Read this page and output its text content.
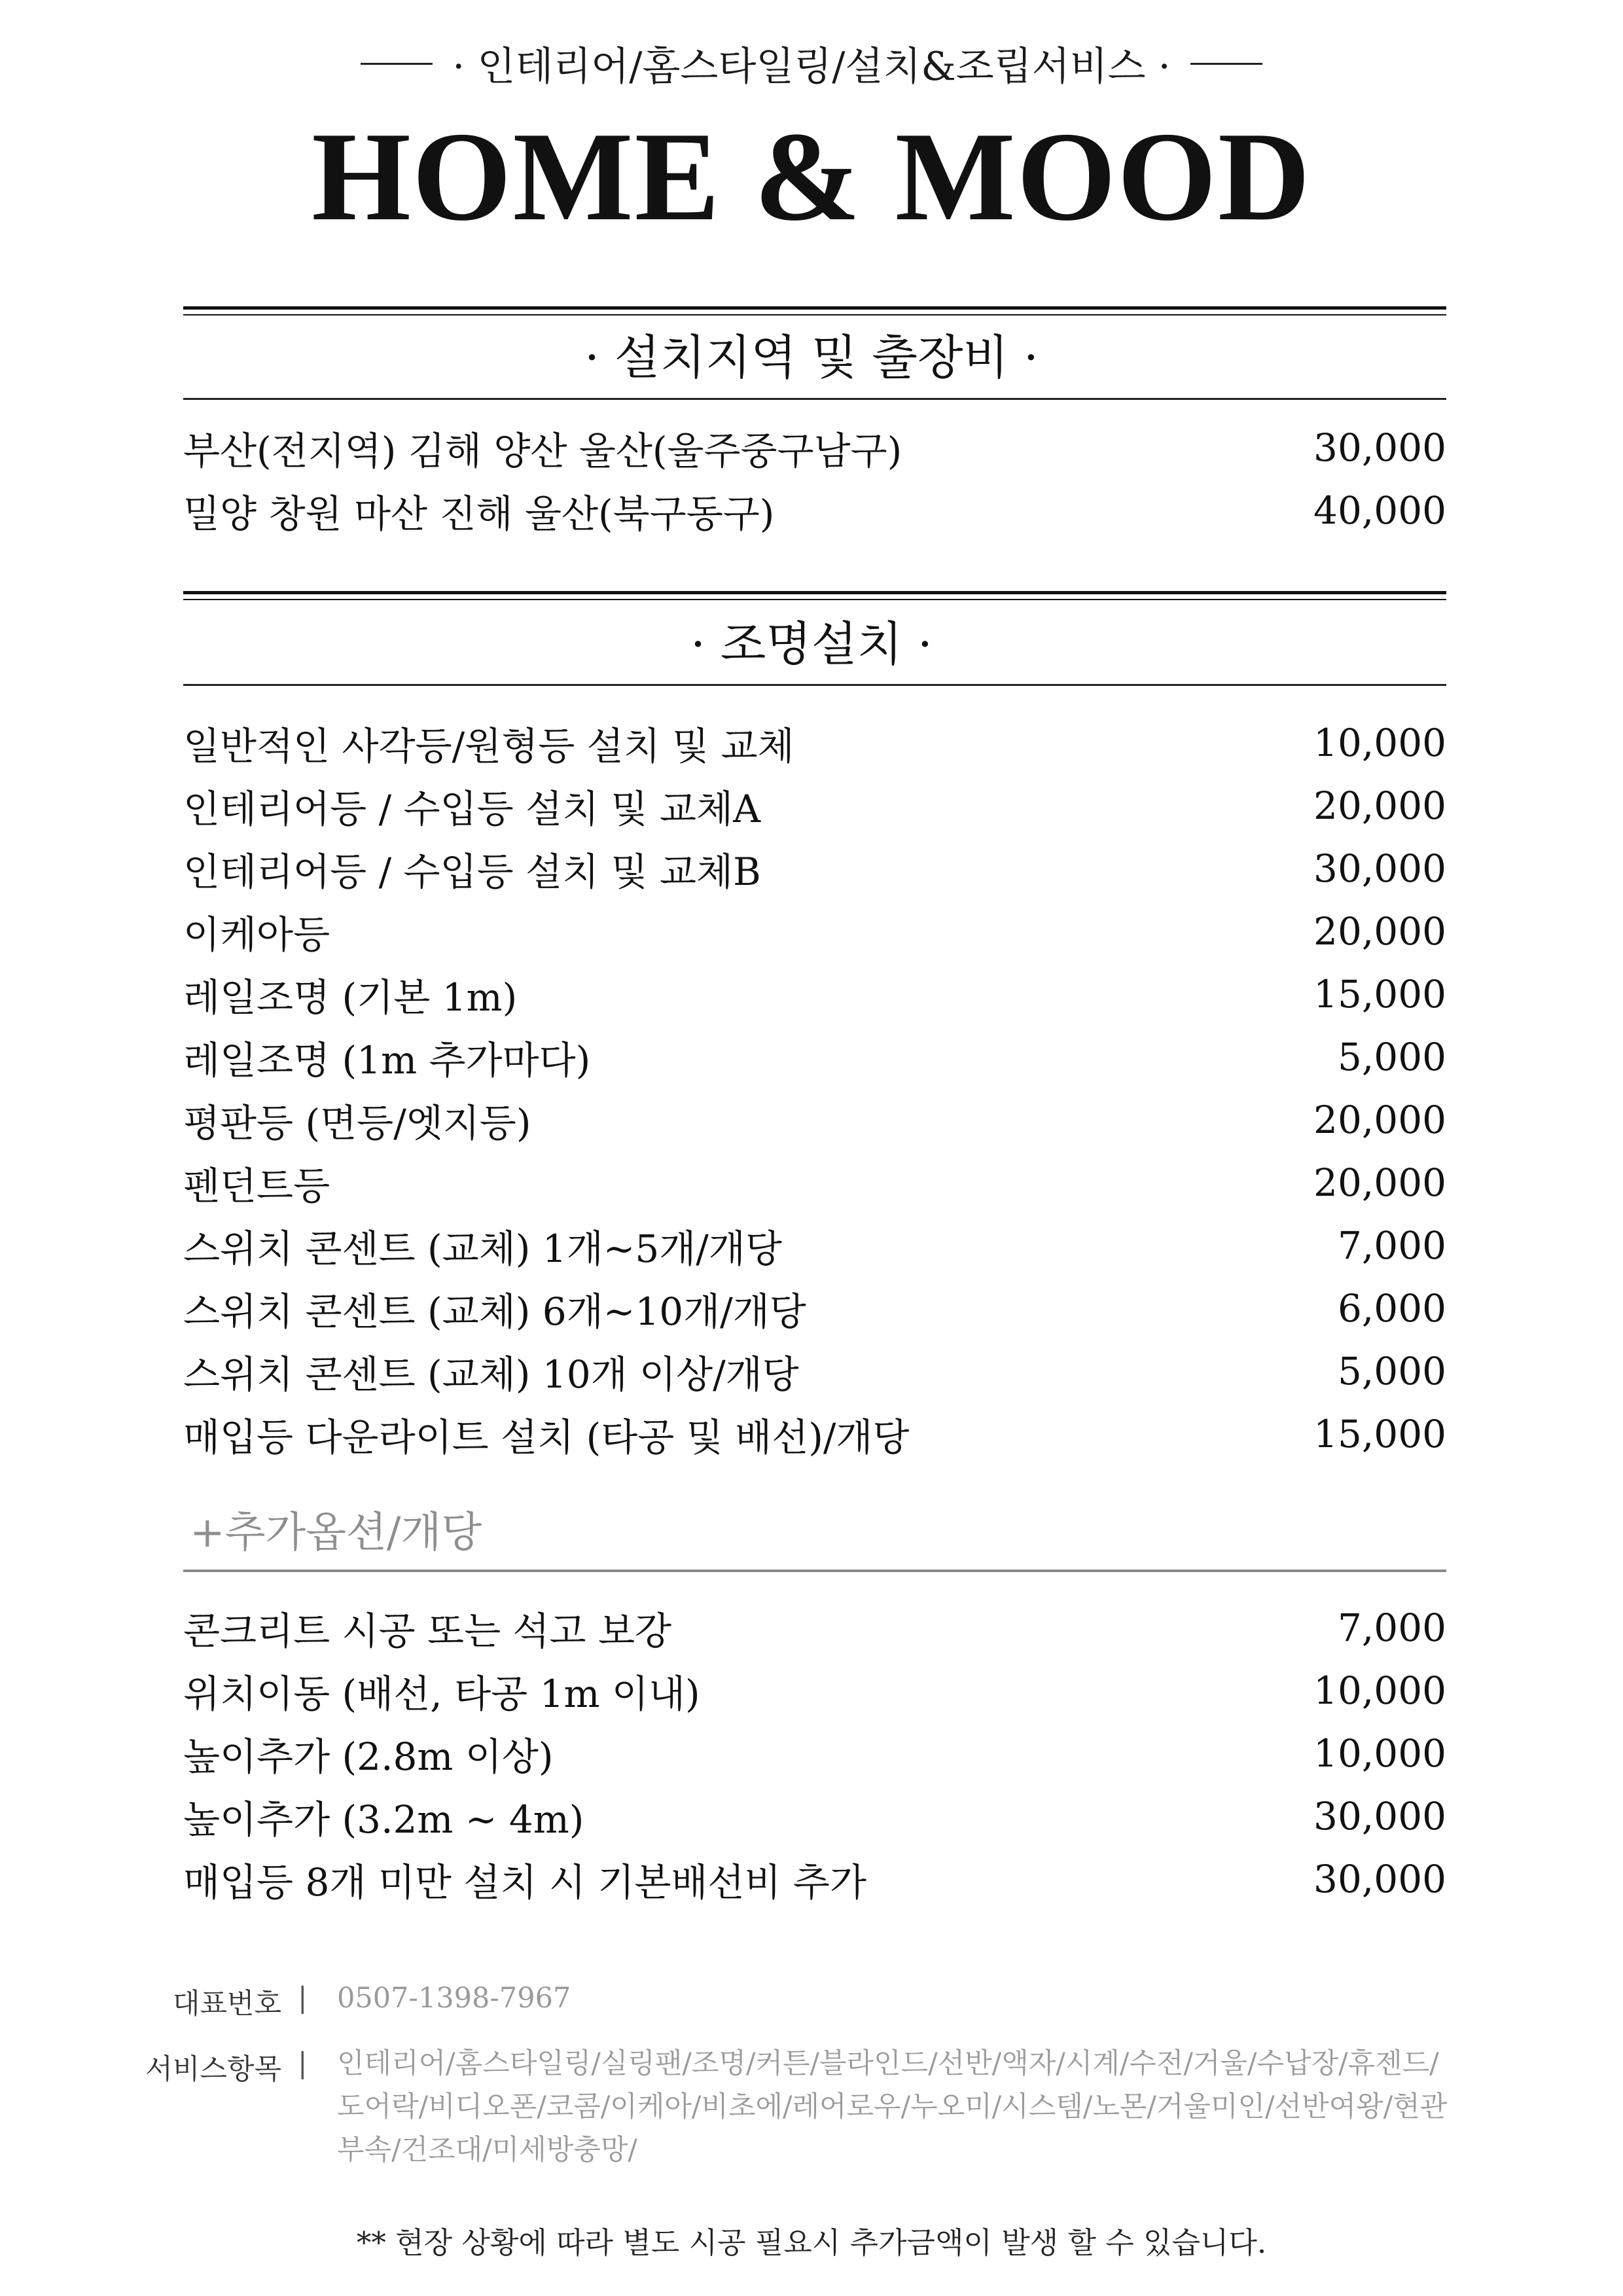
· 인테리어/홈스타일링/설치&조립서비스 ·
HOME & MOOD
· 설치지역 및 출장비 ·
부산(전지역) 김해 양산 울산(울주중구남구)	30,000
밀양 창원 마산 진해 울산(북구동구)	40,000
· 조명설치 ·
일반적인 사각등/원형등 설치 및 교체	10,000
인테리어등 / 수입등 설치 및 교체A	20,000
인테리어등 / 수입등 설치 및 교체B	30,000
이케아등	20,000
레일조명 (기본 1m)	15,000
레일조명 (1m 추가마다)	5,000
평판등 (면등/엣지등)	20,000
펜던트등	20,000
스위치 콘센트 (교체) 1개~5개/개당	7,000
스위치 콘센트 (교체) 6개~10개/개당	6,000
스위치 콘센트 (교체) 10개 이상/개당	5,000
매입등 다운라이트 설치 (타공 및 배선)/개당	15,000
+추가옵션/개당
콘크리트 시공 또는 석고 보강	7,000
위치이동 (배선, 타공 1m 이내)	10,000
높이추가 (2.8m 이상)	10,000
높이추가 (3.2m ~ 4m)	30,000
매입등 8개 미만 설치 시 기본배선비 추가	30,000
대표번호 | 0507-1398-7967
서비스항목 | 인테리어/홈스타일링/실링팬/조명/커튼/블라인드/선반/액자/시계/수전/거울/수납장/휴젠드/
도어락/비디오폰/코콤/이케아/비초에/레어로우/누오미/시스템/노몬/거울미인/선반여왕/현관
부속/건조대/미세방충망/
** 현장 상황에 따라 별도 시공 필요시 추가금액이 발생 할 수 있습니다.
